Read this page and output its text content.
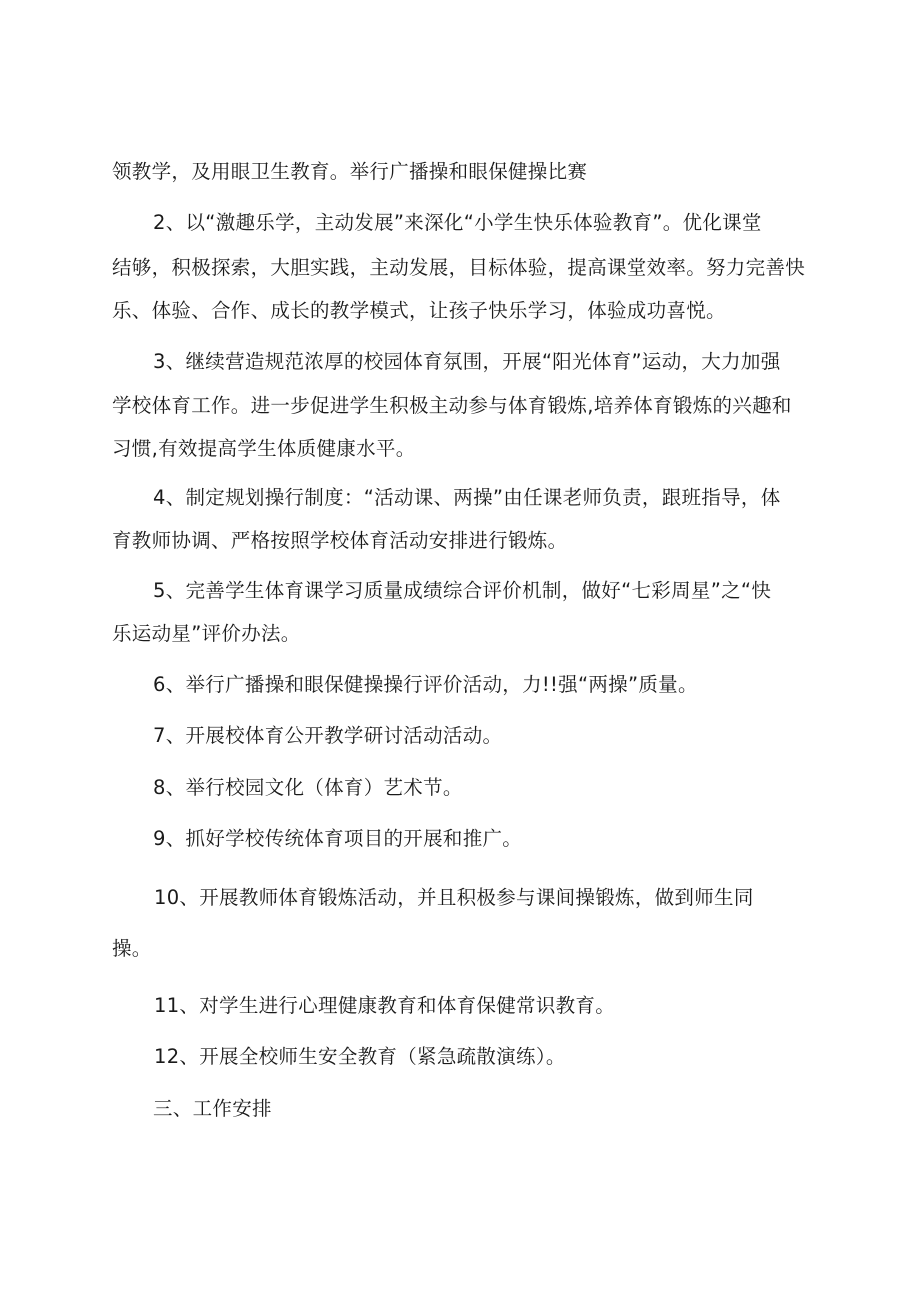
领教学，及用眼卫生教育。举行广播操和眼保健操比赛

2、以“激趣乐学，主动发展”来深化“小学生快乐体验教育”。优化课堂

结够，积极探索，大胆实践，主动发展，目标体验，提高课堂效率。努力完善快

乐、体验、合作、成长的教学模式，让孩子快乐学习，体验成功喜悦。

3、继续营造规范浓厚的校园体育氛围，开展“阳光体育”运动，大力加强

学校体育工作。进一步促进学生积极主动参与体育锻炼,培养体育锻炼的兴趣和

习惯,有效提高学生体质健康水平。

4、制定规划操行制度：“活动课、两操”由任课老师负责，跟班指导，体

育教师协调、严格按照学校体育活动安排进行锻炼。

5、完善学生体育课学习质量成绩综合评价机制，做好“七彩周星”之“快

乐运动星”评价办法。

6、举行广播操和眼保健操操行评价活动，力!!强“两操”质量。

7、开展校体育公开教学研讨活动活动。

8、举行校园文化（体育）艺术节。

9、抓好学校传统体育项目的开展和推广。

10、开展教师体育锻炼活动，并且积极参与课间操锻炼，做到师生同

操。

11、对学生进行心理健康教育和体育保健常识教育。

12、开展全校师生安全教育（紧急疏散演练）。

三、工作安排
